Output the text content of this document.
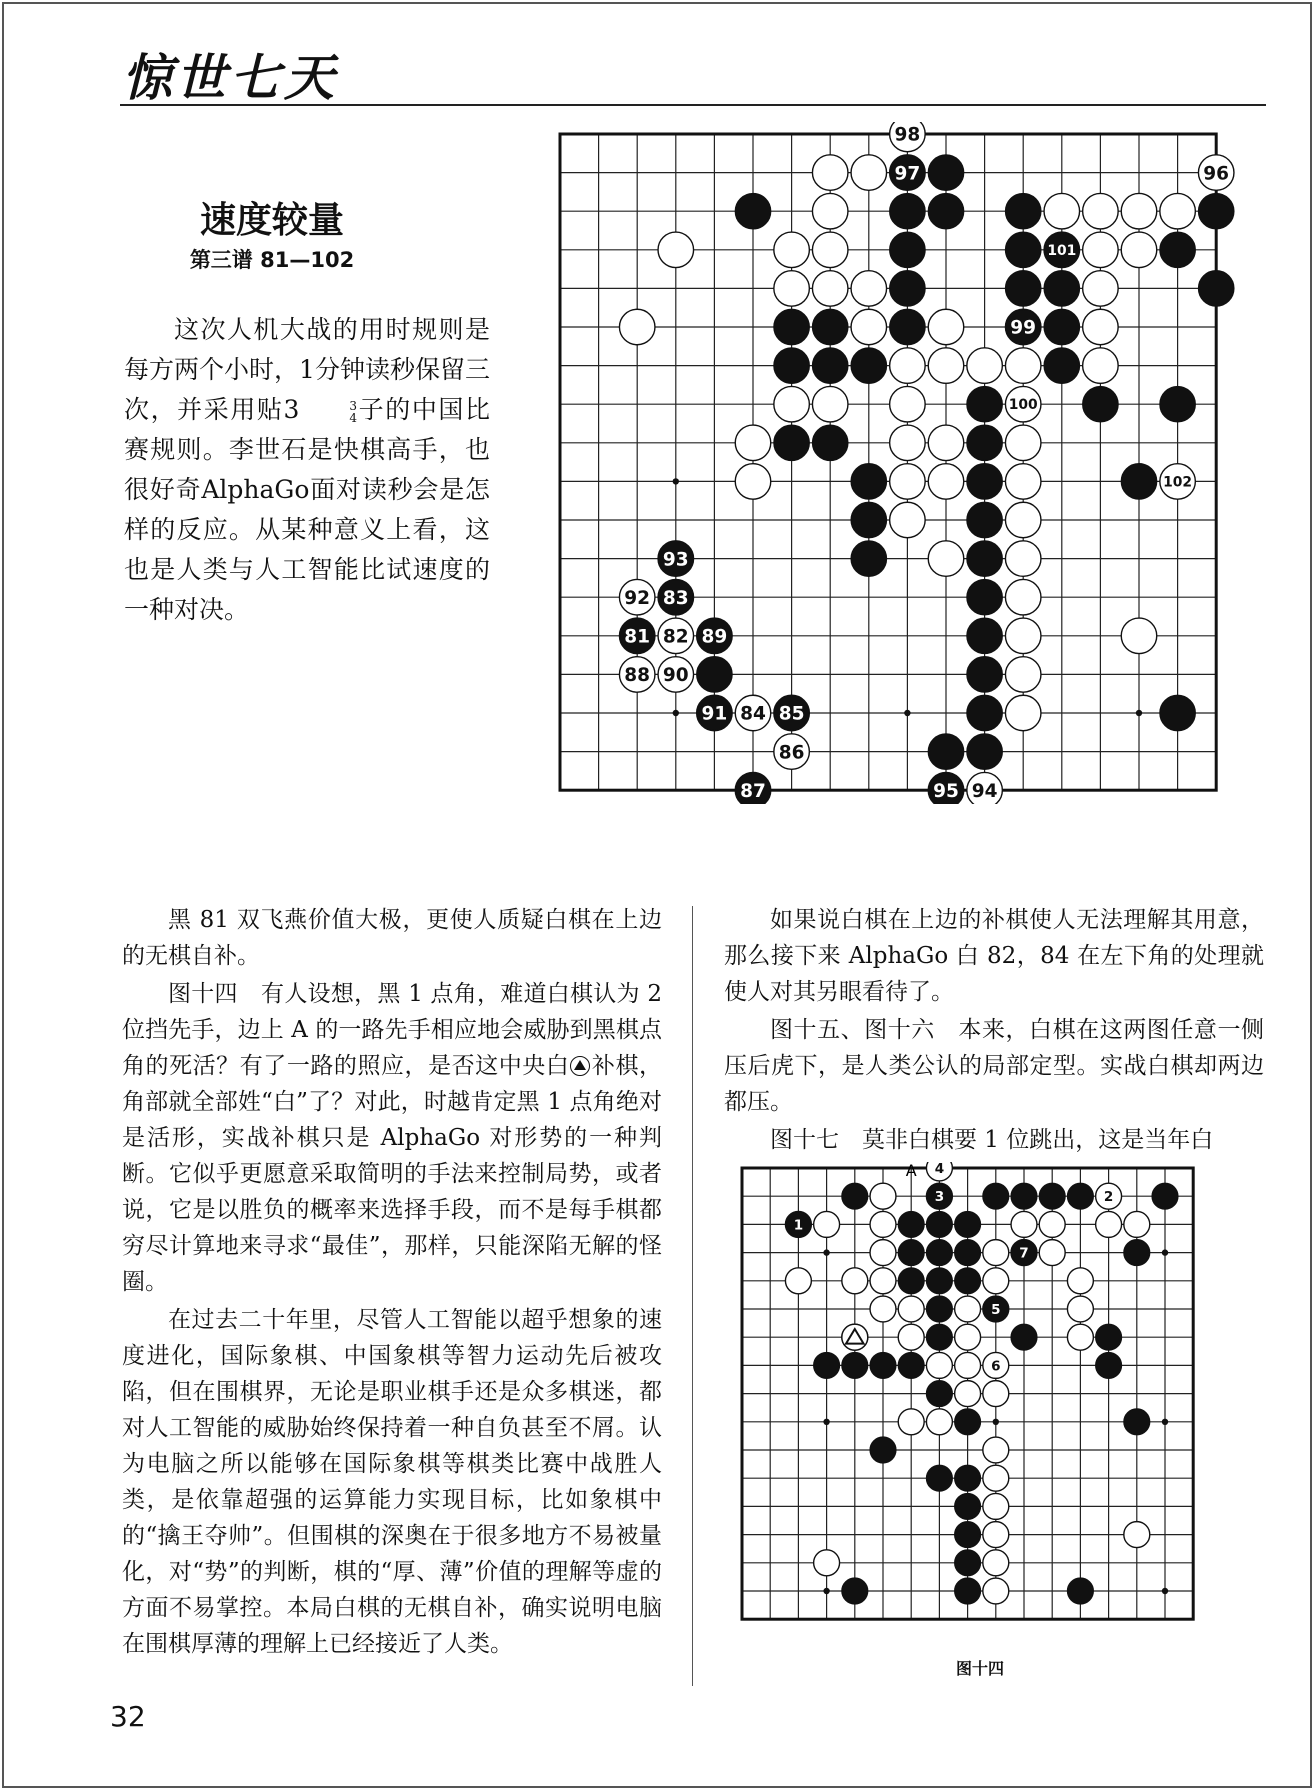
惊世七天
速度较量
第三谱 81—102

这次人机大战的用时规则是每方两个小时，1分钟读秒保留三次，并采用贴3	3
4 子的中国比赛规则。李世石是快棋高手，也很好奇AlphaGo面对读秒会是怎样的反应。从某种意义上看，这也是人类与人工智能比试速度的一种对决。

98
97	96
101
99
100
102
93
92 83
81 82 89
88 90
91 84 85
86
87	95 94

黑 81 双飞燕价值大极，更使人质疑白棋在上边的无棋自补。

图十四　有人设想，黑 1 点角，难道白棋认为 2 位挡先手，边上 A 的一路先手相应地会威胁到黑棋点角的死活？有了一路的照应，是否这中央白 补棋，角部就全部姓“白”了？对此，时越肯定黑 1 点角绝对是活形，实战补棋只是 AlphaGo 对形势的一种判断。它似乎更愿意采取简明的手法来控制局势，或者说，它是以胜负的概率来选择手段，而不是每手棋都穷尽计算地来寻求“最佳”，那样，只能深陷无解的怪圈。

在过去二十年里，尽管人工智能以超乎想象的速度进化，国际象棋、中国象棋等智力运动先后被攻陷，但在围棋界，无论是职业棋手还是众多棋迷，都对人工智能的威胁始终保持着一种自负甚至不屑。认为电脑之所以能够在国际象棋等棋类比赛中战胜人类，是依靠超强的运算能力实现目标，比如象棋中的“擒王夺帅”。但围棋的深奥在于很多地方不易被量化，对“势”的判断，棋的“厚、薄”价值的理解等虚的方面不易掌控。本局白棋的无棋自补，确实说明电脑在围棋厚薄的理解上已经接近了人类。

如果说白棋在上边的补棋使人无法理解其用意，那么接下来 AlphaGo 白 82，84 在左下角的处理就使人对其另眼看待了。

图十五、图十六　本来，白棋在这两图任意一侧压后虎下，是人类公认的局部定型。实战白棋却两边都压。

图十七　莫非白棋要 1 位跳出，这是当年白

4
3	2
1
7
5
6
A
图十四
32
